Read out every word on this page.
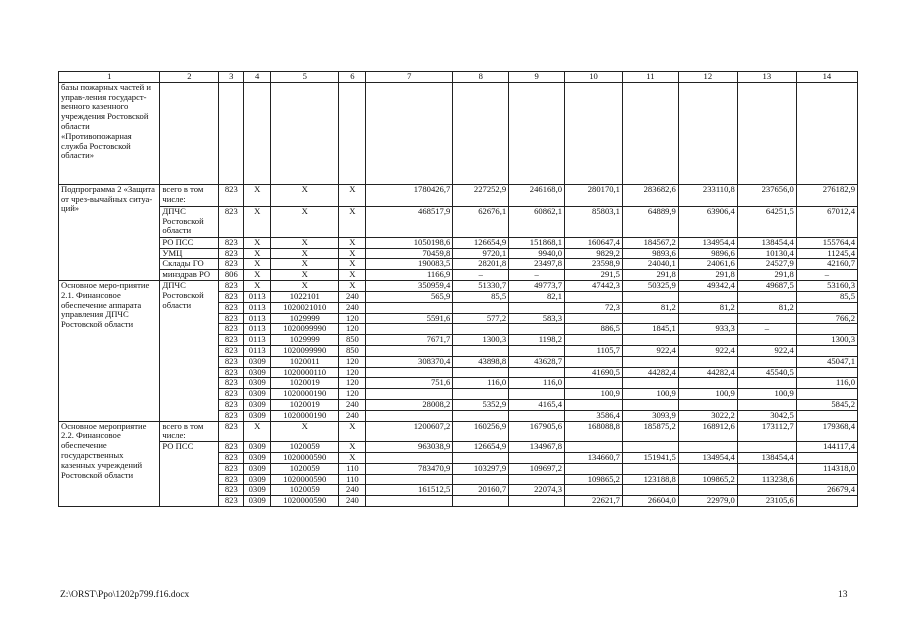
1	2	3	4	5	6	7	8	9	10	11	12	13	14
базы пожарных частей и управ-ления государст-венного казенного учреждения Ростовской области «Противопожарная служба Ростовской области»													
Подпрограмма 2 «Защита от чрез-вычайных ситуа-ций»	всего в том числе:	823	Х	Х	Х	1780426,7	227252,9	246168,0	280170,1	283682,6	233110,8	237656,0	276182,9
	ДПЧС Ростовской области	823	Х	Х	Х	468517,9	62676,1	60862,1	85803,1	64889,9	63906,4	64251,5	67012,4
	РО ПСС	823	Х	Х	Х	1050198,6	126654,9	151868,1	160647,4	184567,2	134954,4	138454,4	155764,4
	УМЦ	823	Х	Х	Х	70459,8	9720,1	9940,0	9829,2	9893,6	9896,6	10130,4	11245,4
	Склады ГО	823	Х	Х	Х	190083,5	28201,8	23497,8	23598,9	24040,1	24061,6	24527,9	42160,7
	минздрав РО	806	Х	Х	Х	1166,9	–	–	291,5	291,8	291,8	291,8	–
Основное меро-приятие 2.1. Финансовое обеспечение аппарата управления ДПЧС Ростовской области	ДПЧС Ростовской области	823	Х	Х	Х	350959,4	51330,7	49773,7	47442,3	50325,9	49342,4	49687,5	53160,3
		823	0113	1022101	240	565,9	85,5	82,1					85,5
		823	0113	1020021010	240				72,3	81,2	81,2	81,2	
		823	0113	1029999	120	5591,6	577,2	583,3					766,2
		823	0113	1020099990	120				886,5	1845,1	933,3	–	
		823	0113	1029999	850	7671,7	1300,3	1198,2					1300,3
		823	0113	1020099990	850				1105,7	922,4	922,4	922,4	
		823	0309	1020011	120	308370,4	43898,8	43628,7					45047,1
		823	0309	1020000110	120				41690,5	44282,4	44282,4	45540,5	
		823	0309	1020019	120	751,6	116,0	116,0					116,0
		823	0309	1020000190	120				100,9	100,9	100,9	100,9	
		823	0309	1020019	240	28008,2	5352,9	4165,4					5845,2
		823	0309	1020000190	240				3586,4	3093,9	3022,2	3042,5	
Основное мероприятие 2.2. Финансовое обеспечение государственных казенных учреждений Ростовской области	всего в том числе:	823	Х	Х	Х	1200607,2	160256,9	167905,6	168088,8	185875,2	168912,6	173112,7	179368,4
	РО ПСС	823	0309	1020059	Х	963038,9	126654,9	134967,8					144117,4
		823	0309	1020000590	Х				134660,7	151941,5	134954,4	138454,4	
		823	0309	1020059	110	783470,9	103297,9	109697,2					114318,0
		823	0309	1020000590	110				109865,2	123188,8	109865,2	113238,6	
		823	0309	1020059	240	161512,5	20160,7	22074,3					26679,4
		823	0309	1020000590	240				22621,7	26604,0	22979,0	23105,6	
Z:\ORST\Ppo\1202p799.f16.docx	13
